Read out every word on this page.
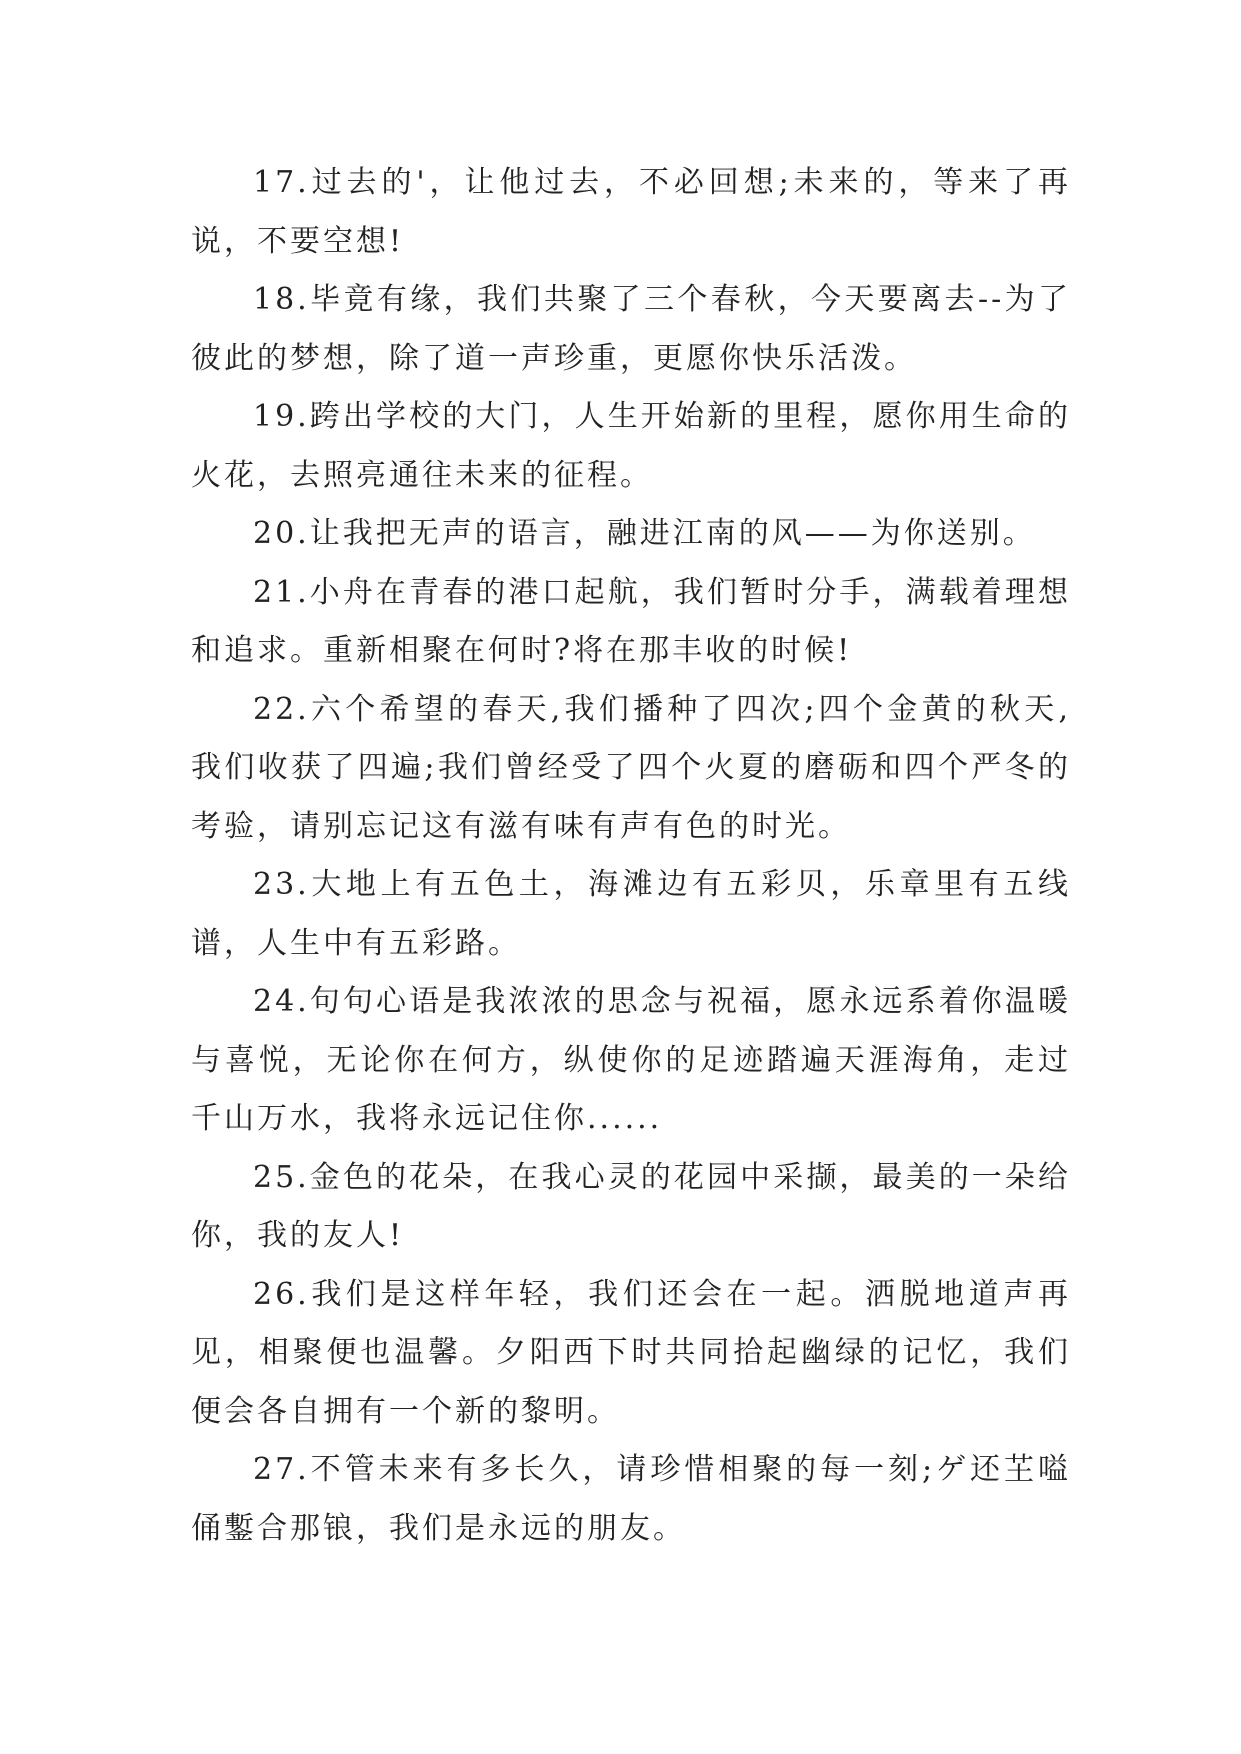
17.过去的'，让他过去，不必回想;未来的，等来了再说，不要空想!

18.毕竟有缘，我们共聚了三个春秋，今天要离去--为了彼此的梦想，除了道一声珍重，更愿你快乐活泼。

19.跨出学校的大门，人生开始新的里程，愿你用生命的火花，去照亮通往未来的征程。

20.让我把无声的语言，融进江南的风——为你送别。

21.小舟在青春的港口起航，我们暂时分手，满载着理想和追求。重新相聚在何时?将在那丰收的时候!

22.六个希望的春天,我们播种了四次;四个金黄的秋天,我们收获了四遍;我们曾经受了四个火夏的磨砺和四个严冬的考验，请别忘记这有滋有味有声有色的时光。

23.大地上有五色土，海滩边有五彩贝，乐章里有五线谱，人生中有五彩路。

24.句句心语是我浓浓的思念与祝福，愿永远系着你温暖与喜悦，无论你在何方，纵使你的足迹踏遍天涯海角，走过千山万水，我将永远记住你......

25.金色的花朵，在我心灵的花园中采撷，最美的一朵给你，我的友人!

26.我们是这样年轻，我们还会在一起。洒脱地道声再见，相聚便也温馨。夕阳西下时共同拾起幽绿的记忆，我们便会各自拥有一个新的黎明。

27.不管未来有多长久，请珍惜相聚的每一刻;ゲ还芏嗌俑鏨合那锒，我们是永远的朋友。
